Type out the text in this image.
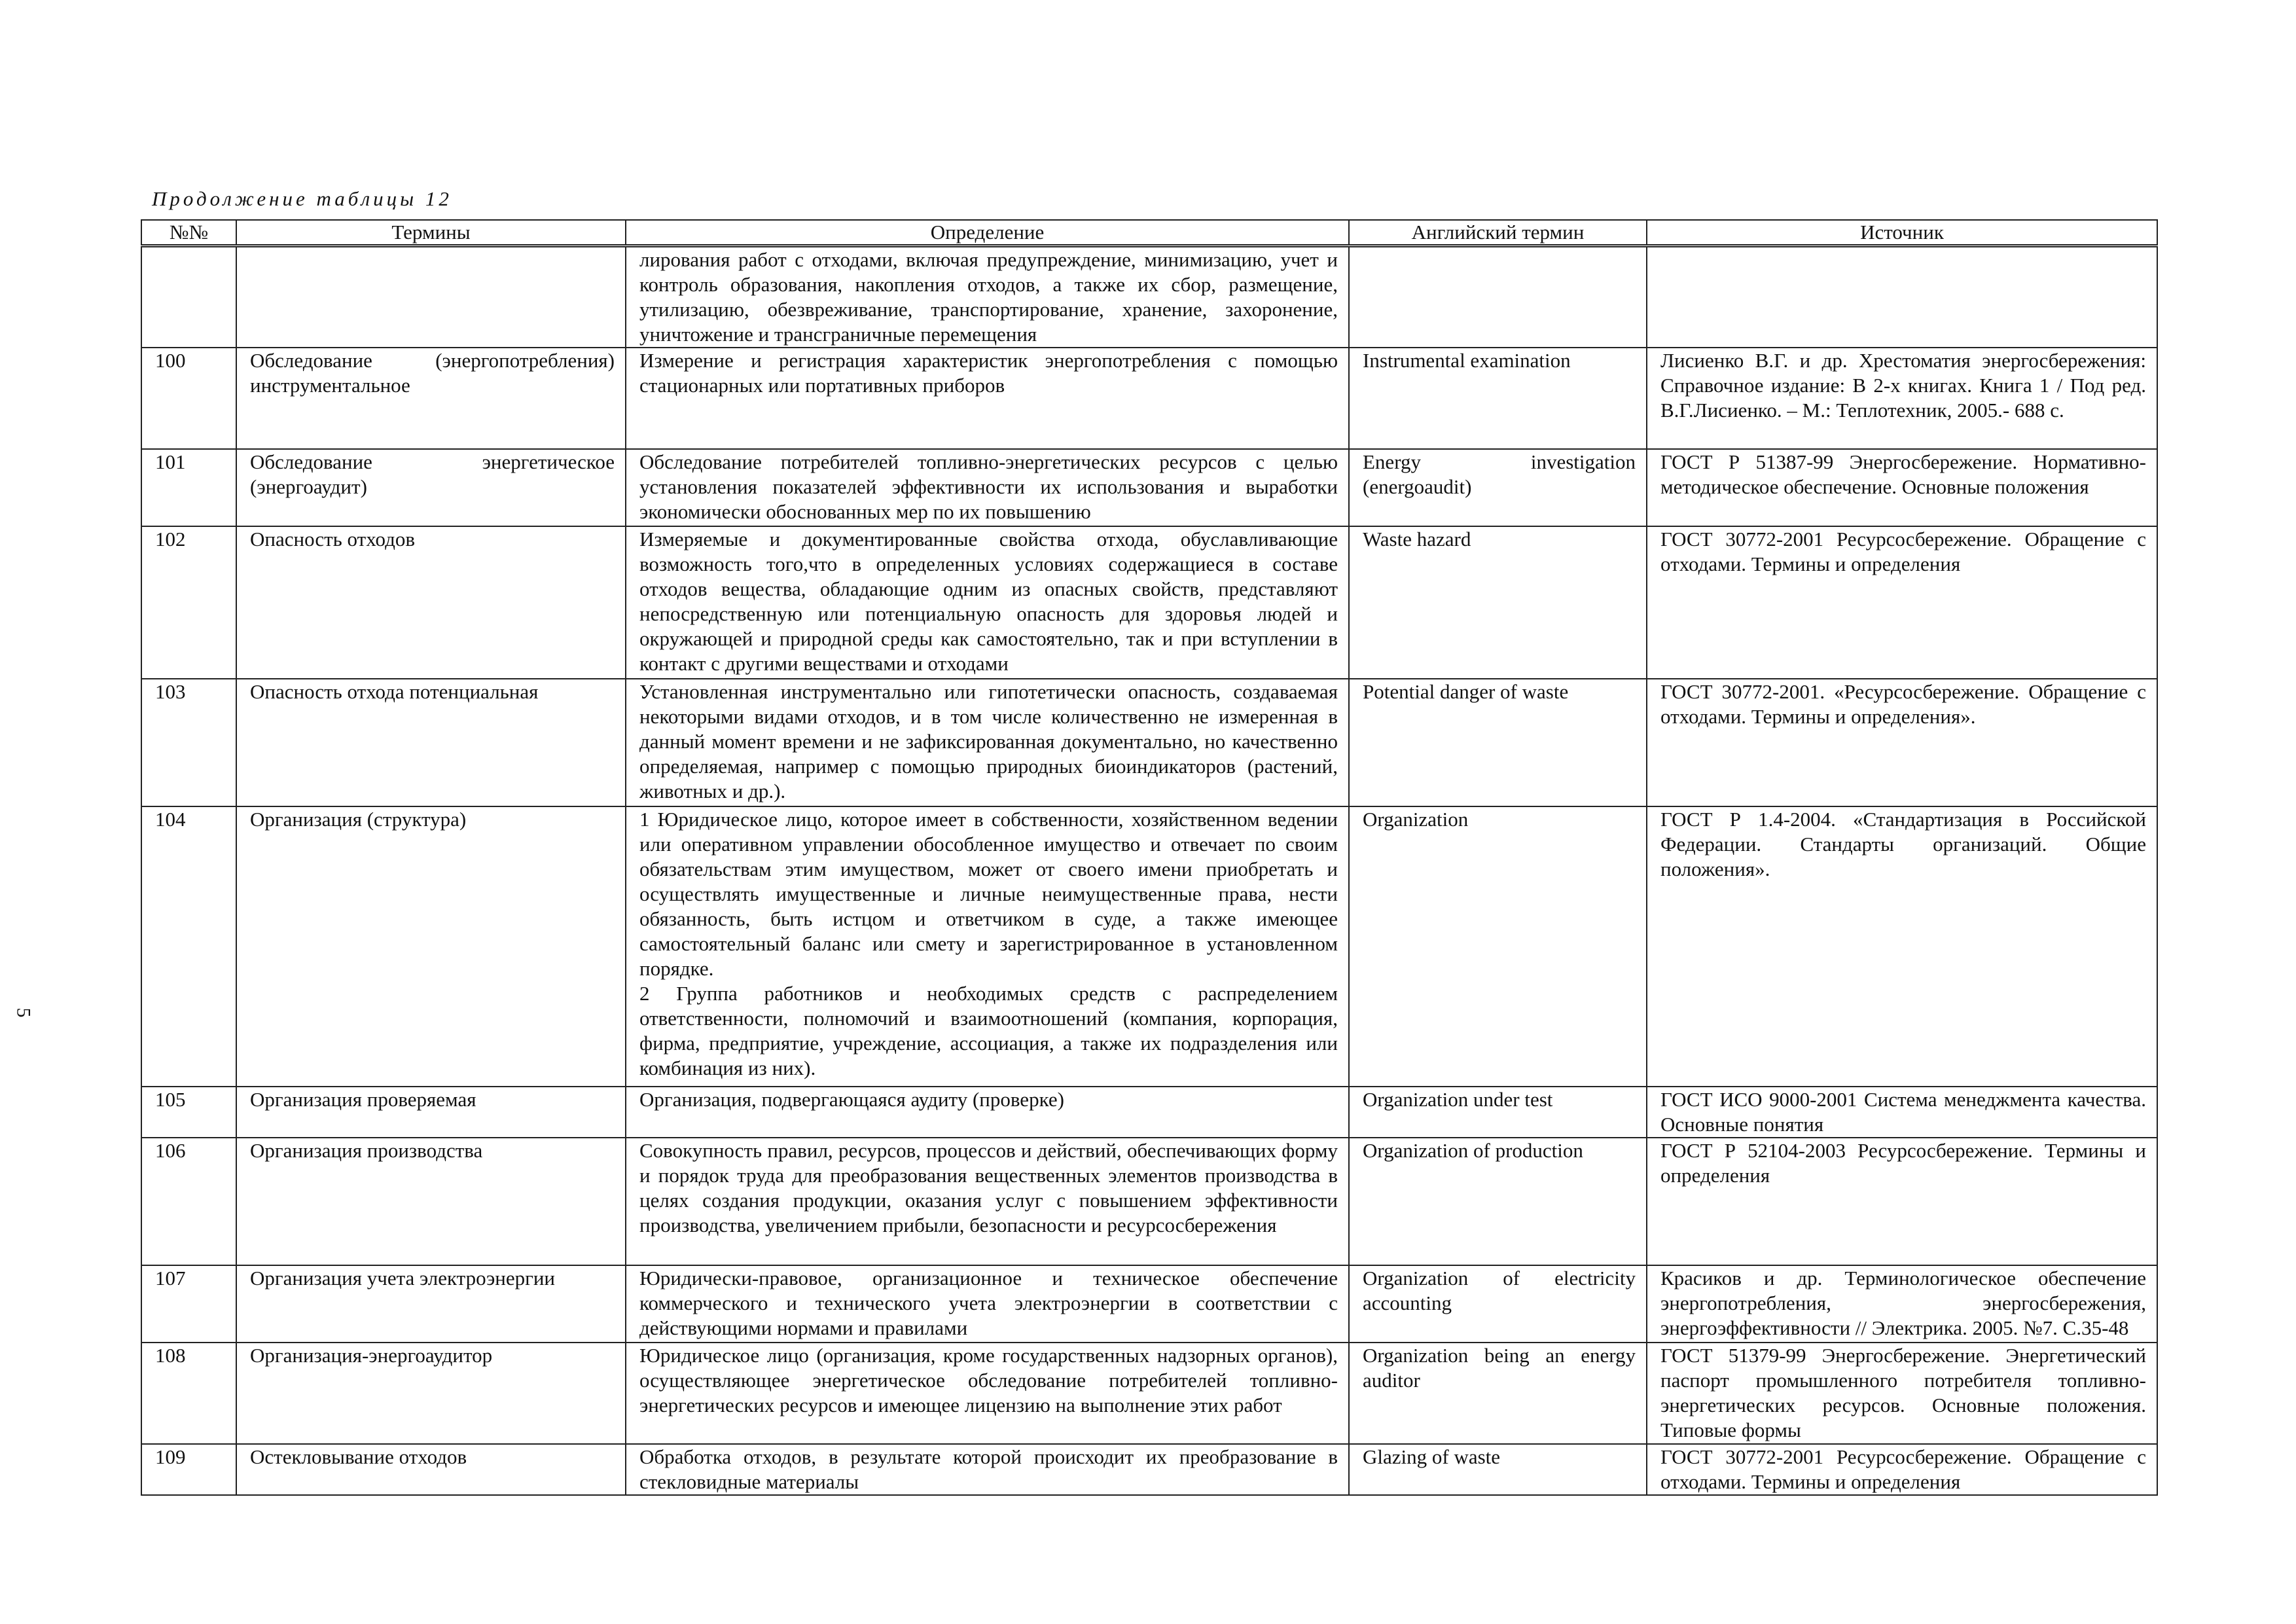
Продолжение таблицы 12
5
№№	Термины	Определение	Английский термин	Источник

		лирования работ с отходами, включая предупреждение, минимизацию, учет и контроль образования, накопления отходов, а также их сбор, размещение, утилизацию, обезвреживание, транспортирование, хранение, захоронение, уничтожение и трансграничные перемещения		

100	Обследование (энергопотребления) инструментальное	Измерение и регистрация характеристик энергопотребления с помощью стационарных или портативных приборов	Instrumental examination	Лисиенко В.Г. и др. Хрестоматия энергосбережения: Справочное издание: В 2-х книгах. Книга 1 / Под ред. В.Г.Лисиенко. – М.: Теплотехник, 2005.- 688 с.
101	Обследование энергетическое (энергоаудит)	Обследование потребителей топливно-энергетических ресурсов с целью установления показателей эффективности их использования и выработки экономически обоснованных мер по их повышению	Energy investigation (energoaudit)	ГОСТ Р 51387-99 Энергосбережение. Нормативно-методическое обеспечение. Основные положения
102	Опасность отходов	Измеряемые и документированные свойства отхода, обуславливающие возможность того,что в определенных условиях содержащиеся в составе отходов вещества, обладающие одним из опасных свойств, представляют непосредственную или потенциальную опасность для здоровья людей и окружающей и природной среды как самостоятельно, так и при вступлении в контакт с другими веществами и отходами	Waste hazard	ГОСТ 30772-2001 Ресурсосбережение. Обращение с отходами. Термины и определения
103	Опасность отхода потенциальная	Установленная инструментально или гипотетически опасность, создаваемая некоторыми видами отходов, и в том числе количественно не измеренная в данный момент времени и не зафиксированная документально, но качественно определяемая, например с помощью природных биоиндикаторов (растений, животных и др.).	Potential danger of waste	ГОСТ 30772-2001. «Ресурсосбережение. Обращение с отходами. Термины и определения».
104	Организация (структура)	1 Юридическое лицо, которое имеет в собственности, хозяйственном ведении или оперативном управлении обособленное имущество и отвечает по своим обязательствам этим имуществом, может от своего имени приобретать и осуществлять имущественные и личные неимущественные права, нести обязанность, быть истцом и ответчиком в суде, а также имеющее самостоятельный баланс или смету и зарегистрированное в установленном порядке.

2 Группа работников и необходимых средств с распределением ответственности, полномочий и взаимоотношений (компания, корпорация, фирма, предприятие, учреждение, ассоциация, а также их подразделения или комбинация из них).	Organization	ГОСТ Р 1.4-2004. «Стандартизация в Российской Федерации. Стандарты организаций. Общие положения».
105	Организация проверяемая	Организация, подвергающаяся аудиту (проверке)	Organization under test	ГОСТ ИСО 9000-2001 Система менеджмента качества. Основные понятия
106	Организация производства	Совокупность правил, ресурсов, процессов и действий, обеспечивающих форму и порядок труда для преобразования вещественных элементов производства в целях создания продукции, оказания услуг с повышением эффективности производства, увеличением прибыли, безопасности и ресурсосбережения	Organization of production	ГОСТ Р 52104-2003 Ресурсосбережение. Термины и определения
107	Организация учета электроэнергии	Юридически-правовое, организационное и техническое обеспечение коммерческого и технического учета электроэнергии в соответствии с действующими нормами и правилами	Organization of electricity accounting	Красиков и др. Терминологическое обеспечение энергопотребления, энергосбережения, энергоэффективности // Электрика. 2005. №7. С.35-48
108	Организация-энергоаудитор	Юридическое лицо (организация, кроме государственных надзорных органов), осуществляющее энергетическое обследование потребителей топливно-энергетических ресурсов и имеющее лицензию на выполнение этих работ	Organization being an energy auditor	ГОСТ 51379-99 Энергосбережение. Энергетический паспорт промышленного потребителя топливно-энергетических ресурсов. Основные положения. Типовые формы
109	Остекловывание отходов	Обработка отходов, в результате которой происходит их преобразование в стекловидные материалы	Glazing of waste	ГОСТ 30772-2001 Ресурсосбережение. Обращение с отходами. Термины и определения
